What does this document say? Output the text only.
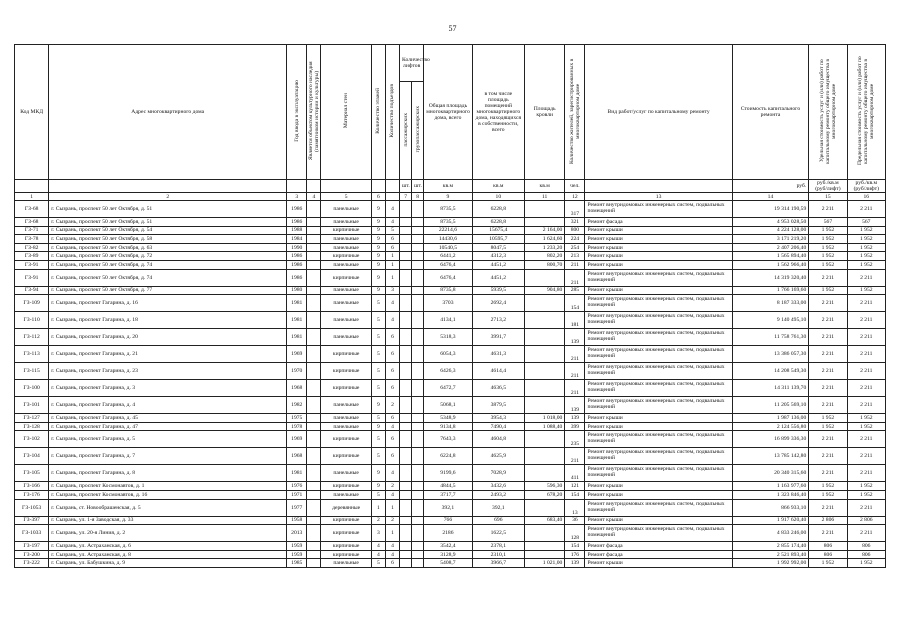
57
Код МКД	Адрес многоквартирного дома	Год ввода в эксплуатацию	Является объектом культурного наследия (памятником истории и культуры)	Материал стен	Количество этажей	Количество подъездов	Количество лифтов		Общая площадь многоквартирного дома, всего	в том числе площадь помещений многоквартирного дома, находящихся в собственности, всего	Площадь кровли	Количество жителей, зарегистрированных в многоквартирном доме	Вид работ/услуг по капитальному ремонту	Стоимость капитального ремонта	Удельная стоимость услуг и (или) работ по капитальному ремонту общего имущества в многоквартирном доме	Предельная стоимость услуг и (или) работ по капитальному ремонту общего имущества в многоквартирном доме
							пассажирских	грузопассажирских								
							шт.	шт.	кв.м	кв.м	кв.м	чел.		руб.	руб./кв.м (руб/лифт)	руб./кв.м (руб/лифт)
1	2	3	4	5	6		7	8	9	10	11	12	13	14	15	16
ГЗ-68	г. Сызрань, проспект 50 лет Октября, д. 51	1986		панельные	9	4			8735,5	6228,8		317	Ремонт внутридомовых инженерных систем, подвальных помещений	19 314 190,59	2 211	2 211
ГЗ-68	г. Сызрань, проспект 50 лет Октября, д. 51	1986		панельные	9	4			8735,5	6228,8		321	Ремонт фасада	4 953 028,50	567	567
ГЗ-71	г. Сызрань, проспект 50 лет Октября, д. 54	1988		кирпичные	9	5			22214,6	15675,4	2 164,00	800	Ремонт крыши	4 224 128,00	1 952	1 952
ГЗ-78	г. Сызрань, проспект 50 лет Октября, д. 58	1984		панельные	9	6			14430,6	10595,7	1 624,60	224	Ремонт крыши	3 171 219,20	1 952	1 952
ГЗ-82	г. Сызрань, проспект 50 лет Октября, д. 63	1990		панельные	9	6			10540,5	8047,5	1 233,20	254	Ремонт крыши	2 407 206,40	1 952	1 952
ГЗ-89	г. Сызрань, проспект 50 лет Октября, д. 72	1986		кирпичные	9	1			6441,2	4312,3	802,20	213	Ремонт крыши	1 565 894,40	1 952	1 952
ГЗ-91	г. Сызрань, проспект 50 лет Октября, д. 74	1986		панельные	9	1			6476,4	4451,2	800,70	211	Ремонт крыши	1 562 966,40	1 952	1 952
ГЗ-91	г. Сызрань, проспект 50 лет Октября, д. 74	1986		кирпичные	9	1			6476,4	4451,2		211	Ремонт внутридомовых инженерных систем, подвальных помещений	14 319 320,40	2 211	2 211
ГЗ-94	г. Сызрань, проспект 50 лет Октября, д. 77	1980		панельные	9	3			8735,8	5939,5	904,80	285	Ремонт крыши	1 766 169,60	1 952	1 952
ГЗ-109	г. Сызрань, проспект Гагарина, д. 16	1981		панельные	5	4			3703	2692,4		154	Ремонт внутридомовых инженерных систем, подвальных помещений	8 187 333,00	2 211	2 211
ГЗ-110	г. Сызрань, проспект Гагарина, д. 18	1981		панельные	5	4			4134,1	2713,2		181	Ремонт внутридомовых инженерных систем, подвальных помещений	9 140 495,10	2 211	2 211
ГЗ-112	г. Сызрань, проспект Гагарина, д. 20	1981		панельные	5	6			5318,3	3991,7		139	Ремонт внутридомовых инженерных систем, подвальных помещений	11 758 761,30	2 211	2 211
ГЗ-113	г. Сызрань, проспект Гагарина, д. 21	1969		кирпичные	5	6			6054,3	4631,3		211	Ремонт внутридомовых инженерных систем, подвальных помещений	13 386 057,30	2 211	2 211
ГЗ-115	г. Сызрань, проспект Гагарина, д. 23	1970		кирпичные	5	6			6426,3	4614,4		211	Ремонт внутридомовых инженерных систем, подвальных помещений	14 208 549,30	2 211	2 211
ГЗ-100	г. Сызрань, проспект Гагарина, д. 3	1968		кирпичные	5	6			6472,7	4636,5		211	Ремонт внутридомовых инженерных систем, подвальных помещений	14 311 139,70	2 211	2 211
ГЗ-101	г. Сызрань, проспект Гагарина, д. 4	1982		панельные	9	2			5068,1	3879,5		139	Ремонт внутридомовых инженерных систем, подвальных помещений	11 205 569,10	2 211	2 211
ГЗ-127	г. Сызрань, проспект Гагарина, д. 45	1975		панельные	5	6			5348,9	3954,3	1 018,00	139	Ремонт крыши	1 987 136,00	1 952	1 952
ГЗ-128	г. Сызрань, проспект Гагарина, д. 47	1978		панельные	9	4			9134,8	7490,4	1 088,40	399	Ремонт крыши	2 124 556,80	1 952	1 952
ГЗ-102	г. Сызрань, проспект Гагарина, д. 5	1969		кирпичные	5	6			7643,3	4604,8		235	Ремонт внутридомовых инженерных систем, подвальных помещений	16 899 336,30	2 211	2 211
ГЗ-104	г. Сызрань, проспект Гагарина, д. 7	1968		кирпичные	5	6			6224,8	4625,9		211	Ремонт внутридомовых инженерных систем, подвальных помещений	13 785 142,80	2 211	2 211
ГЗ-105	г. Сызрань, проспект Гагарина, д. 8	1981		панельные	9	4			9199,6	7028,9		411	Ремонт внутридомовых инженерных систем, подвальных помещений	20 340 315,60	2 211	2 211
ГЗ-166	г. Сызрань, проспект Космонавтов, д. 1	1976		кирпичные	9	2			4844,5	3432,6	596,30	121	Ремонт крыши	1 163 977,60	1 952	1 952
ГЗ-176	г. Сызрань, проспект Космонавтов, д. 16	1971		панельные	5	4			3717,7	2493,2	678,20	154	Ремонт крыши	1 323 846,40	1 952	1 952
ГЗ-1053	г. Сызрань, ст. Новообрашенская, д. 5	1977		деревянные	1	1			392,1	392,1		13	Ремонт внутридомовых инженерных систем, подвальных помещений	866 933,10	2 211	2 211
ГЗ-397	г. Сызрань, ул. 1-я Заводская, д. 33	1958		кирпичные	2	2			766	696	683,40	36	Ремонт крыши	1 917 620,40	2 806	2 806
ГЗ-1033	г. Сызрань, ул. 20-я Линия, д. 2	2013		кирпичные	3	1			2186	1622,5		128	Ремонт внутридомовых инженерных систем, подвальных помещений	4 833 246,00	2 211	2 211
ГЗ-197	г. Сызрань, ул. Астраханская, д. 6	1959		кирпичные	4	4			3542,4	2378,1		154	Ремонт фасада	2 855 174,40	806	806
ГЗ-200	г. Сызрань, ул. Астраханская, д. 8	1959		кирпичные	4	4			3128,9	2310,1		176	Ремонт фасада	2 521 893,40	806	806
ГЗ-222	г. Сызрань, ул. Бабушкина, д. 9	1985		панельные	5	6			5408,7	3966,7	1 021,00	139	Ремонт крыши	1 992 992,00	1 952	1 952
